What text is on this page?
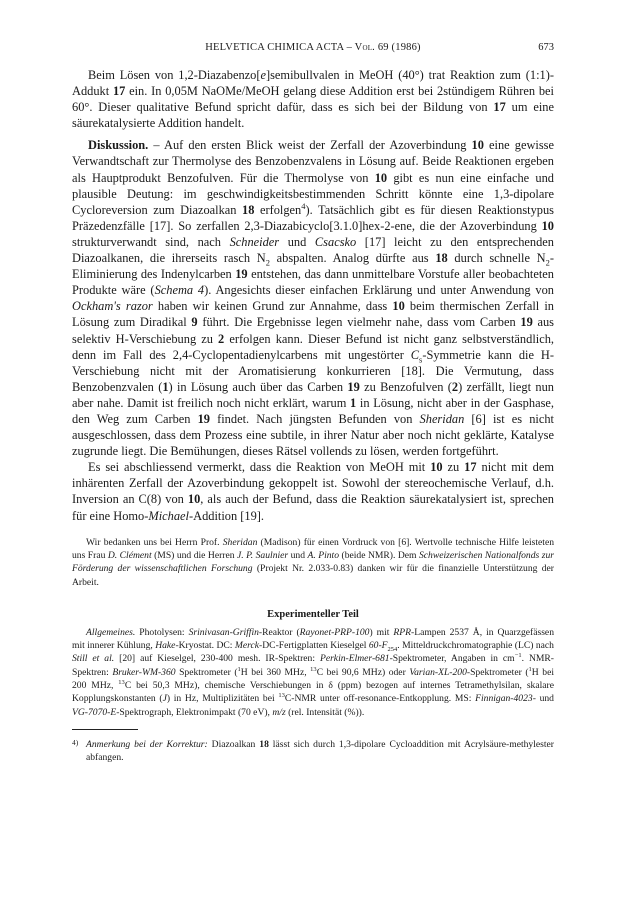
HELVETICA CHIMICA ACTA – Vol. 69 (1986)	673

Beim Lösen von 1,2-Diazabenzo[e]semibullvalen in MeOH (40°) trat Reaktion zum (1:1)-Addukt 17 ein. In 0,05M NaOMe/MeOH gelang diese Addition erst bei 2stündigem Rühren bei 60°. Dieser qualitative Befund spricht dafür, dass es sich bei der Bildung von 17 um eine säurekatalysierte Addition handelt.

Diskussion. – Auf den ersten Blick weist der Zerfall der Azoverbindung 10 eine gewisse Verwandtschaft zur Thermolyse des Benzobenzvalens in Lösung auf. Beide Reaktionen ergeben als Hauptprodukt Benzofulven. Für die Thermolyse von 10 gibt es nun eine einfache und plausible Deutung: im geschwindigkeitsbestimmenden Schritt könnte eine 1,3-dipolare Cycloreversion zum Diazoalkan 18 erfolgen$^4$). Tatsächlich gibt es für diesen Reaktionstypus Präzedenzfälle [17]. So zerfallen 2,3-Diazabicyclo[3.1.0]hex-2-ene, die der Azoverbindung 10 strukturverwandt sind, nach Schneider und Csacsko [17] leicht zu den entsprechenden Diazoalkanen, die ihrerseits rasch $N_2$ abspalten. Analog dürfte aus 18 durch schnelle $N_2$-Eliminierung des Indenylcarben 19 entstehen, das dann unmittelbare Vorstufe aller beobachteten Produkte wäre (Schema 4). Angesichts dieser einfachen Erklärung und unter Anwendung von Ockham's razor haben wir keinen Grund zur Annahme, dass 10 beim thermischen Zerfall in Lösung zum Diradikal 9 führt. Die Ergebnisse legen vielmehr nahe, dass vom Carben 19 aus selektiv H-Verschiebung zu 2 erfolgen kann. Dieser Befund ist nicht ganz selbstverständlich, denn im Fall des 2,4-Cyclopentadienylcarbens mit ungestörter $C_s$-Symmetrie kann die H-Verschiebung nicht mit der Aromatisierung konkurrieren [18]. Die Vermutung, dass Benzobenzvalen (1) in Lösung auch über das Carben 19 zu Benzofulven (2) zerfällt, liegt nun aber nahe. Damit ist freilich noch nicht erklärt, warum 1 in Lösung, nicht aber in der Gasphase, den Weg zum Carben 19 findet. Nach jüngsten Befunden von Sheridan [6] ist es nicht ausgeschlossen, dass dem Prozess eine subtile, in ihrer Natur aber noch nicht geklärte, Katalyse zugrunde liegt. Die Bemühungen, dieses Rätsel vollends zu lösen, werden fortgeführt.

Es sei abschliessend vermerkt, dass die Reaktion von MeOH mit 10 zu 17 nicht mit dem inhärenten Zerfall der Azoverbindung gekoppelt ist. Sowohl der stereochemische Verlauf, d.h. Inversion an C(8) von 10, als auch der Befund, dass die Reaktion säurekatalysiert ist, sprechen für eine Homo-Michael-Addition [19].

Wir bedanken uns bei Herrn Prof. Sheridan (Madison) für einen Vordruck von [6]. Wertvolle technische Hilfe leisteten uns Frau D. Clément (MS) und die Herren J. P. Saulnier und A. Pinto (beide NMR). Dem Schweizerischen Nationalfonds zur Förderung der wissenschaftlichen Forschung (Projekt Nr. 2.033-0.83) danken wir für die finanzielle Unterstützung der Arbeit.

Experimenteller Teil

Allgemeines. Photolysen: Srinivasan-Griffin-Reaktor (Rayonet-PRP-100) mit RPR-Lampen 2537 Å, in Quarzgefässen mit innerer Kühlung, Hake-Kryostat. DC: Merck-DC-Fertigplatten Kieselgel $60-F_{254}$. Mitteldruckchromatographie (LC) nach Still et al. [20] auf Kieselgel, 230-400 mesh. IR-Spektren: Perkin-Elmer-681-Spektrometer, Angaben in $cm^{-1}$. NMR-Spektren: Bruker-WM-360 Spektrometer ($^1$H bei 360 MHz, $^{13}$C bei 90,6 MHz) oder Varian-XL-200-Spektrometer ($^1$H bei 200 MHz, $^{13}$C bei 50,3 MHz), chemische Verschiebungen in δ (ppm) bezogen auf internes Tetramethylsilan, skalare Kopplungskonstanten (J) in Hz, Multiplizitäten bei $^{13}$C-NMR unter off-resonance-Entkopplung. MS: Finnigan-4023- und VG-7070-E-Spektrograph, Elektronimpakt (70 eV), m/z (rel. Intensität (%)).

4) Anmerkung bei der Korrektur: Diazoalkan 18 lässt sich durch 1,3-dipolare Cycloaddition mit Acrylsäure-methylester abfangen.
